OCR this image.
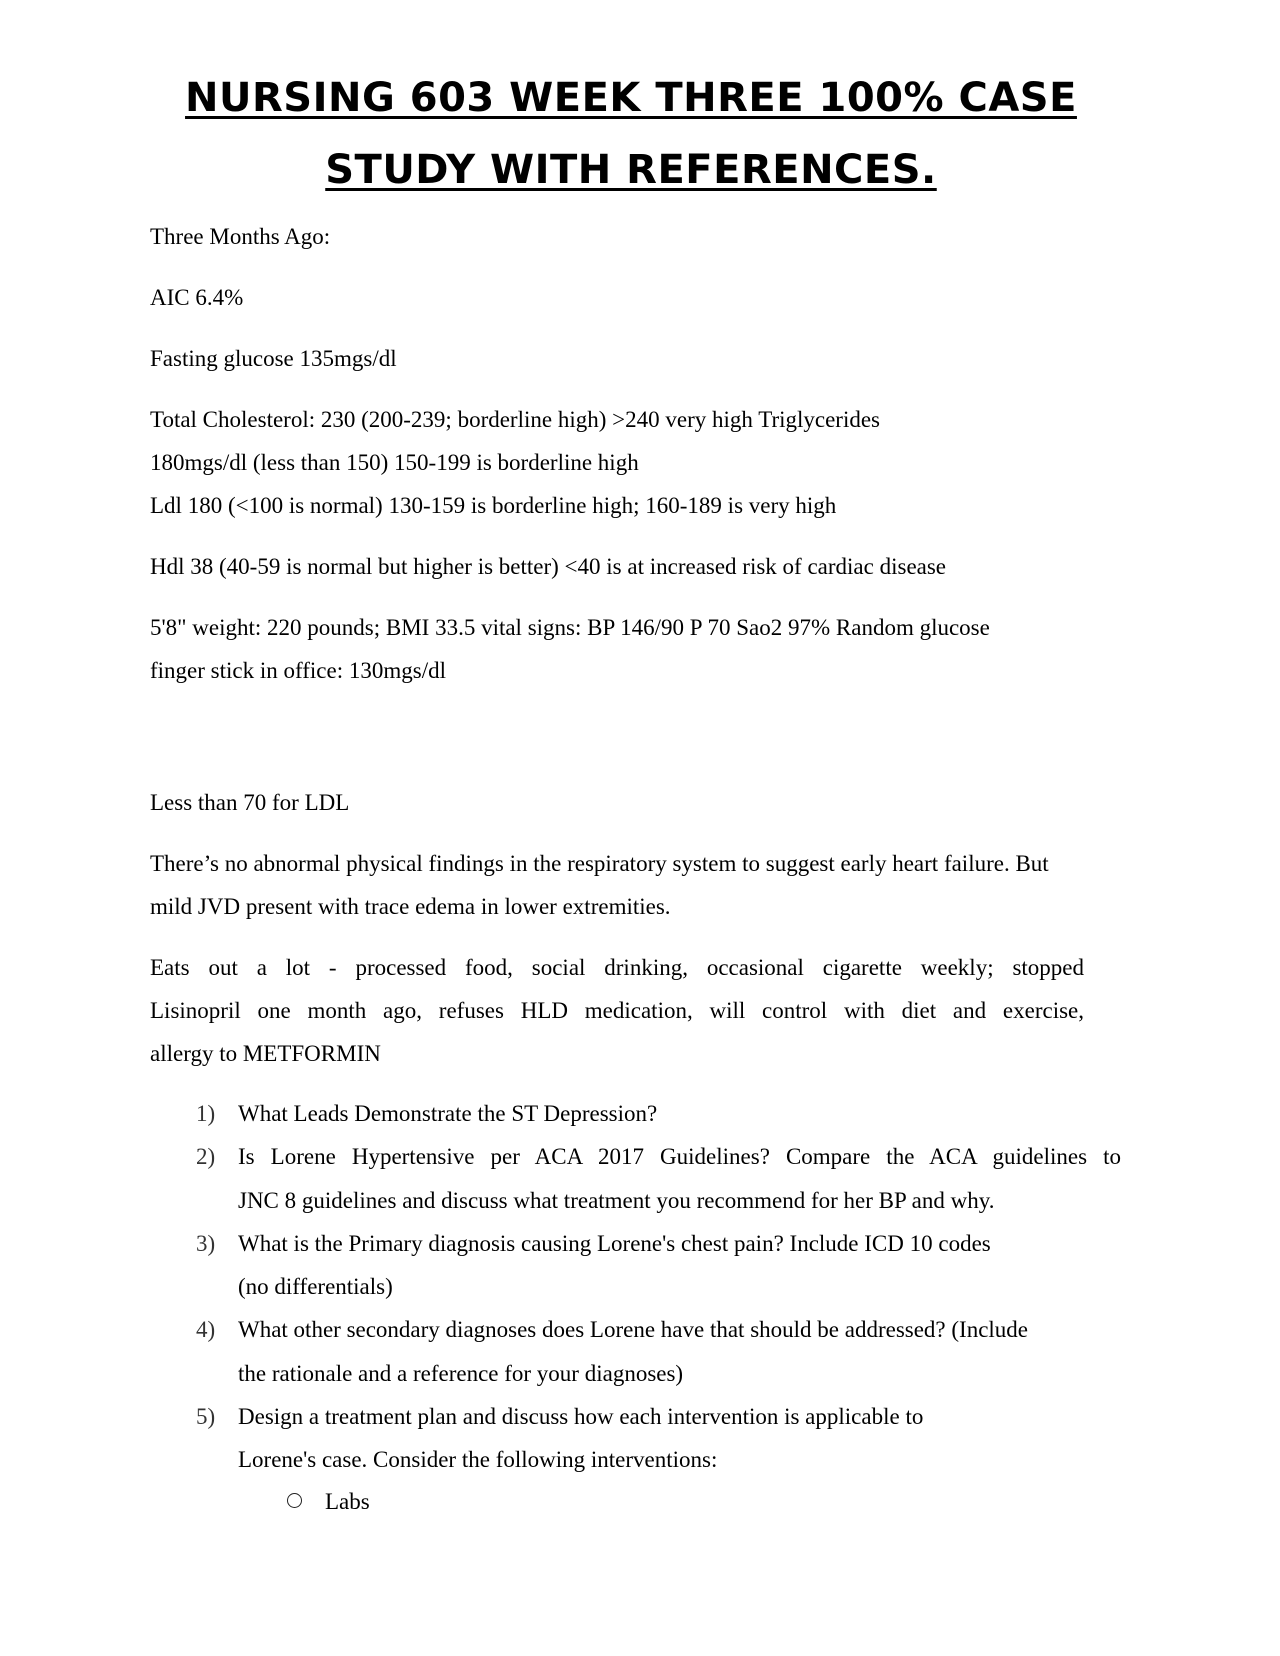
NURSING 603 WEEK THREE 100% CASE
STUDY WITH REFERENCES.
Three Months Ago:
AIC 6.4%
Fasting glucose 135mgs/dl
Total Cholesterol: 230 (200-239; borderline high) >240 very high Triglycerides
180mgs/dl (less than 150) 150-199 is borderline high
Ldl 180 (<100 is normal) 130-159 is borderline high; 160-189 is very high
Hdl 38 (40-59 is normal but higher is better) <40 is at increased risk of cardiac disease
5'8" weight: 220 pounds; BMI 33.5 vital signs: BP 146/90 P 70 Sao2 97% Random glucose
finger stick in office: 130mgs/dl
Less than 70 for LDL
There’s no abnormal physical findings in the respiratory system to suggest early heart failure. But
mild JVD present with trace edema in lower extremities.
Eats out a lot - processed food, social drinking, occasional cigarette weekly; stopped
Lisinopril one month ago, refuses HLD medication, will control with diet and exercise,
allergy to METFORMIN
1) What Leads Demonstrate the ST Depression?
2) Is Lorene Hypertensive per ACA 2017 Guidelines? Compare the ACA guidelines to
JNC 8 guidelines and discuss what treatment you recommend for her BP and why.
3) What is the Primary diagnosis causing Lorene's chest pain? Include ICD 10 codes
(no differentials)
4) What other secondary diagnoses does Lorene have that should be addressed? (Include
the rationale and a reference for your diagnoses)
5) Design a treatment plan and discuss how each intervention is applicable to
Lorene's case. Consider the following interventions:
Labs
